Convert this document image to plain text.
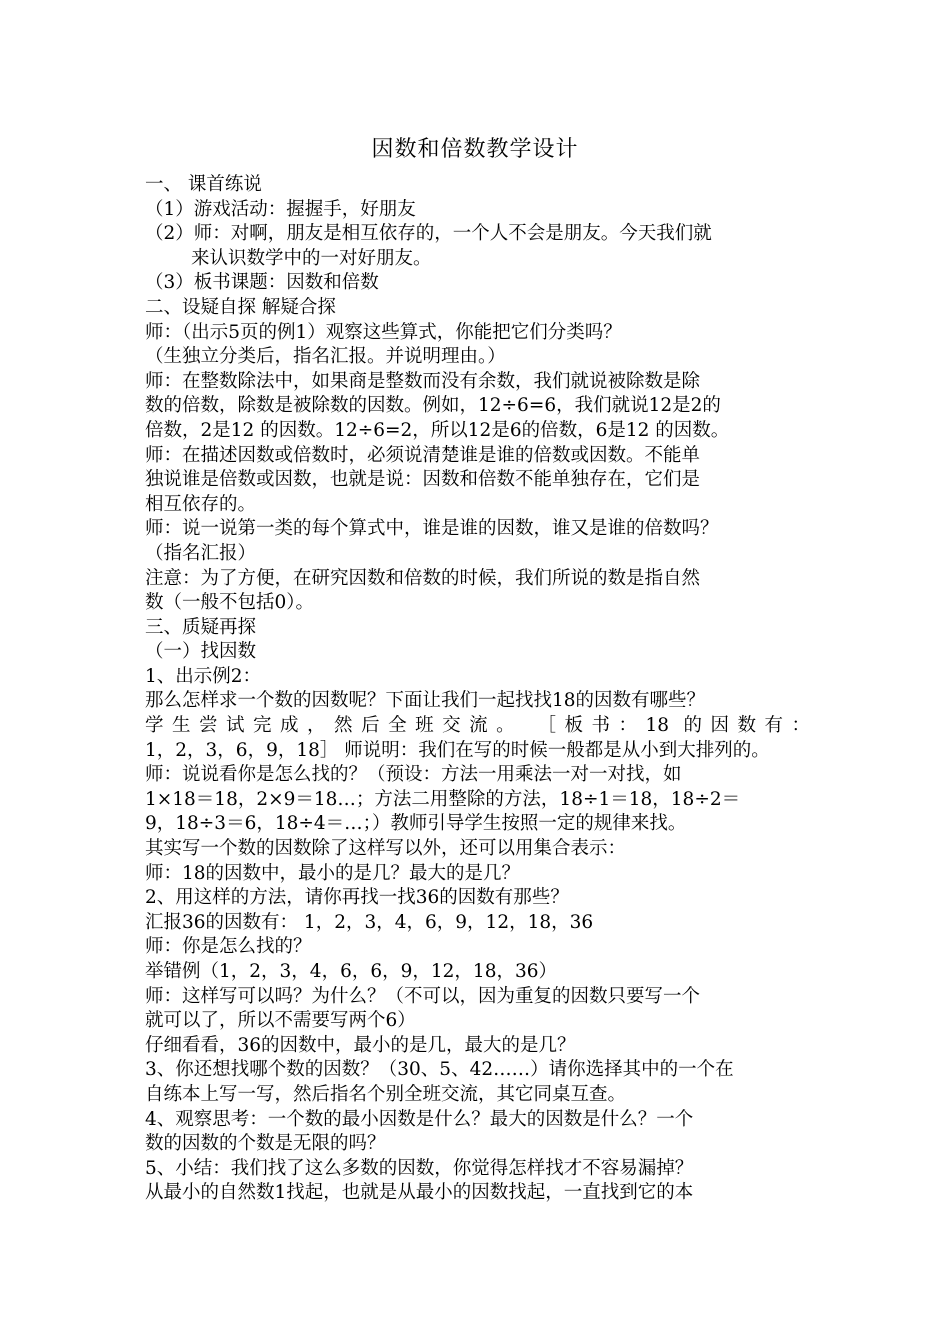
因数和倍数教学设计
一、 课首练说
（1）游戏活动：握握手，好朋友
（2）师：对啊，朋友是相互依存的，一个人不会是朋友。今天我们就
来认识数学中的一对好朋友。
（3）板书课题：因数和倍数
二、设疑自探 解疑合探
师：（出示5页的例1）观察这些算式，你能把它们分类吗？
（生独立分类后，指名汇报。并说明理由。）
师：在整数除法中，如果商是整数而没有余数，我们就说被除数是除
数的倍数，除数是被除数的因数。例如，12÷6=6，我们就说12是2的
倍数，2是12 的因数。12÷6=2，所以12是6的倍数，6是12 的因数。
师：在描述因数或倍数时，必须说清楚谁是谁的倍数或因数。不能单
独说谁是倍数或因数，也就是说：因数和倍数不能单独存在，它们是
相互依存的。
师：说一说第一类的每个算式中，谁是谁的因数，谁又是谁的倍数吗？
（指名汇报）
注意：为了方便，在研究因数和倍数的时候，我们所说的数是指自然
数（一般不包括0）。
三、质疑再探
（一）找因数
1、出示例2：
那么怎样求一个数的因数呢？下面让我们一起找找18的因数有哪些？
学生尝试完成，然后全班交流。 ［板书：18 的因数有：
1，2，3，6，9，18］ 师说明：我们在写的时候一般都是从小到大排列的。
师：说说看你是怎么找的？（预设：方法一用乘法一对一对找，如
1×18＝18，2×9＝18…；方法二用整除的方法，18÷1＝18，18÷2＝
9，18÷3＝6，18÷4＝…；）教师引导学生按照一定的规律来找。
其实写一个数的因数除了这样写以外，还可以用集合表示：
师：18的因数中，最小的是几？最大的是几？
2、用这样的方法，请你再找一找36的因数有那些？
汇报36的因数有： 1，2，3，4，6，9，12，18，36
师：你是怎么找的？
举错例（1，2，3，4，6，6，9，12，18，36）
师：这样写可以吗？为什么？（不可以，因为重复的因数只要写一个
就可以了，所以不需要写两个6）
仔细看看，36的因数中，最小的是几，最大的是几？
3、你还想找哪个数的因数？（30、5、42……）请你选择其中的一个在
自练本上写一写，然后指名个别全班交流，其它同桌互查。
4、观察思考：一个数的最小因数是什么？最大的因数是什么？一个
数的因数的个数是无限的吗？
5、小结：我们找了这么多数的因数，你觉得怎样找才不容易漏掉？
从最小的自然数1找起，也就是从最小的因数找起，一直找到它的本
